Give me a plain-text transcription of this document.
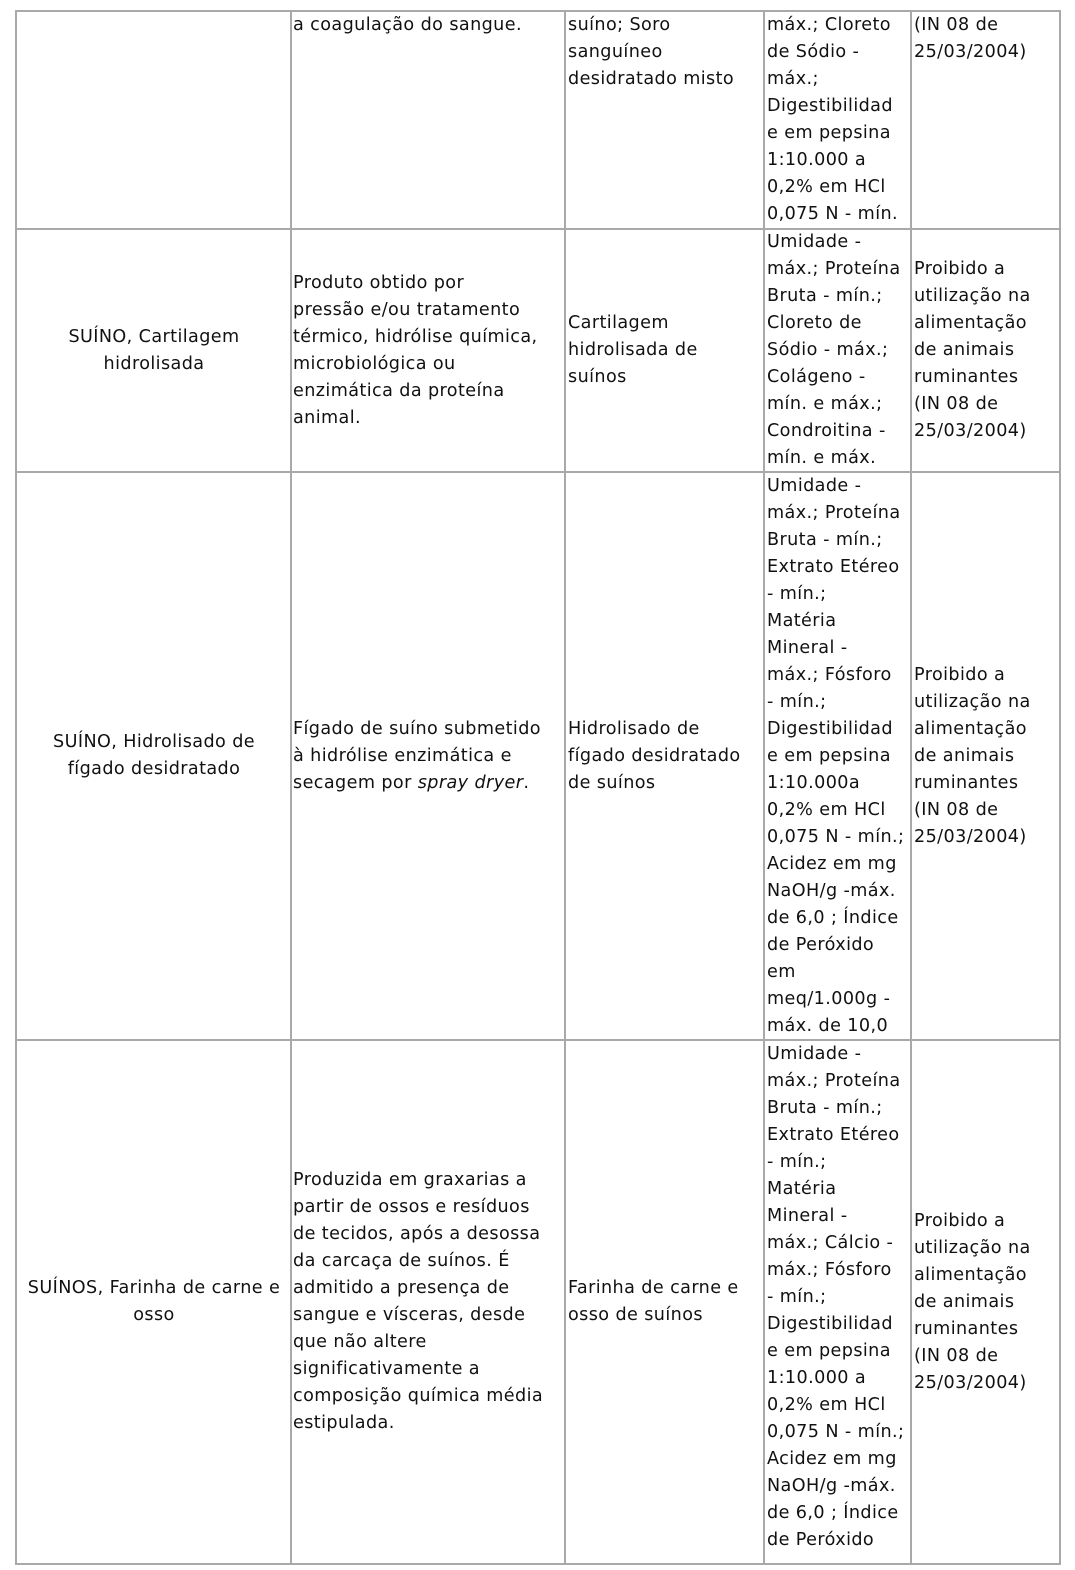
a coagulação do sangue.	suíno; Soro
sanguíneo
desidratado misto
máx.; Cloreto
de Sódio -
máx.;
Digestibilidad
e em pepsina
1:10.000 a
0,2% em HCl
0,075 N - mín.
(IN 08 de
25/03/2004)
SUÍNO, Cartilagem
hidrolisada
Produto obtido por
pressão e/ou tratamento
térmico, hidrólise química,
microbiológica ou
enzimática da proteína
animal.
Cartilagem
hidrolisada de
suínos
Umidade -
máx.; Proteína
Bruta - mín.;
Cloreto de
Sódio - máx.;
Colágeno -
mín. e máx.;
Condroitina -
mín. e máx.
Proibido a
utilização na
alimentação
de animais
ruminantes
(IN 08 de
25/03/2004)
SUÍNO, Hidrolisado de
fígado desidratado
Fígado de suíno submetido
à hidrólise enzimática e
secagem por spray dryer.
Hidrolisado de
fígado desidratado
de suínos
Umidade -
máx.; Proteína
Bruta - mín.;
Extrato Etéreo
- mín.;
Matéria
Mineral -
máx.; Fósforo
- mín.;
Digestibilidad
e em pepsina
1:10.000a
0,2% em HCl
0,075 N - mín.;
Acidez em mg
NaOH/g -máx.
de 6,0 ; Índice
de Peróxido
em
meq/1.000g -
máx. de 10,0
Proibido a
utilização na
alimentação
de animais
ruminantes
(IN 08 de
25/03/2004)
SUÍNOS, Farinha de carne e
osso
Produzida em graxarias a
partir de ossos e resíduos
de tecidos, após a desossa
da carcaça de suínos. É
admitido a presença de
sangue e vísceras, desde
que não altere
significativamente a
composição química média
estipulada.
Farinha de carne e
osso de suínos
Umidade -
máx.; Proteína
Bruta - mín.;
Extrato Etéreo
- mín.;
Matéria
Mineral -
máx.; Cálcio -
máx.; Fósforo
- mín.;
Digestibilidad
e em pepsina
1:10.000 a
0,2% em HCl
0,075 N - mín.;
Acidez em mg
NaOH/g -máx.
de 6,0 ; Índice
de Peróxido
Proibido a
utilização na
alimentação
de animais
ruminantes
(IN 08 de
25/03/2004)
